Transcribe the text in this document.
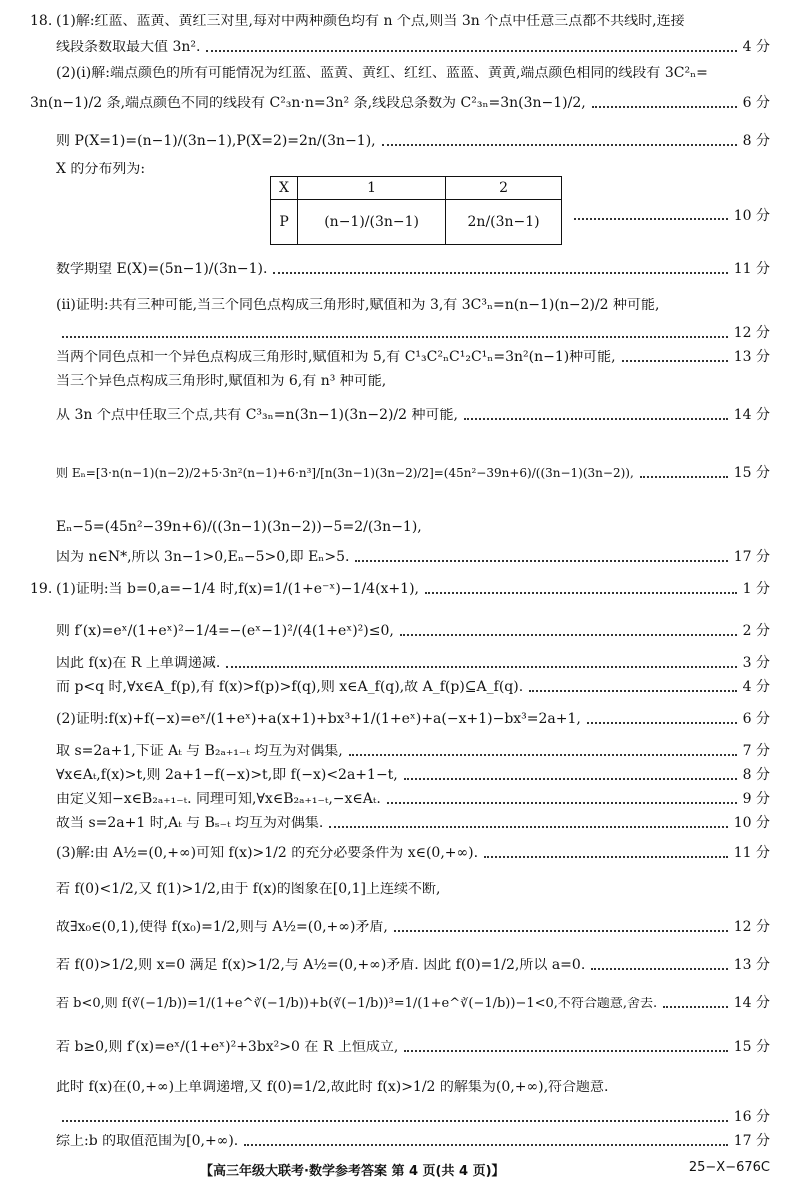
18. (1)解:红蓝、蓝黄、黄红三对里,每对中两种颜色均有 n 个点,则当 3n 个点中任意三点都不共线时,连接
线段条数取最大值 3n².	4 分
(2)(i)解:端点颜色的所有可能情况为红蓝、蓝黄、黄红、红红、蓝蓝、黄黄,端点颜色相同的线段有 3C²ₙ=
3n(n−1)/2 条,端点颜色不同的线段有 C²₃n·n=3n² 条,线段总条数为 C²₃ₙ=3n(3n−1)/2,	6 分
则 P(X=1)=(n−1)/(3n−1),P(X=2)=2n/(3n−1),	8 分
X 的分布列为:
X	1	2
P	(n−1)/(3n−1)	2n/(3n−1)	10 分
数学期望 E(X)=(5n−1)/(3n−1).	11 分
(ii)证明:共有三种可能,当三个同色点构成三角形时,赋值和为 3,有 3C³ₙ=n(n−1)(n−2)/2 种可能,
12 分
当两个同色点和一个异色点构成三角形时,赋值和为 5,有 C¹₃C²ₙC¹₂C¹ₙ=3n²(n−1)种可能,	13 分
当三个异色点构成三角形时,赋值和为 6,有 n³ 种可能,
从 3n 个点中任取三个点,共有 C³₃ₙ=n(3n−1)(3n−2)/2 种可能,	14 分
则 Eₙ=[3·n(n−1)(n−2)/2+5·3n²(n−1)+6·n³]/[n(3n−1)(3n−2)/2]=(45n²−39n+6)/((3n−1)(3n−2)),	15 分
Eₙ−5=(45n²−39n+6)/((3n−1)(3n−2))−5=2/(3n−1),
因为 n∈N*,所以 3n−1>0,Eₙ−5>0,即 Eₙ>5.	17 分
19. (1)证明:当 b=0,a=−1/4 时,f(x)=1/(1+e⁻ˣ)−1/4(x+1),	1 分
则 f′(x)=eˣ/(1+eˣ)²−1/4=−(eˣ−1)²/(4(1+eˣ)²)≤0,	2 分
因此 f(x)在 R 上单调递减.	3 分
而 p<q 时,∀x∈A_f(p),有 f(x)>f(p)>f(q),则 x∈A_f(q),故 A_f(p)⊆A_f(q).	4 分
(2)证明:f(x)+f(−x)=eˣ/(1+eˣ)+a(x+1)+bx³+1/(1+eˣ)+a(−x+1)−bx³=2a+1,	6 分
取 s=2a+1,下证 Aₜ 与 B₂ₐ₊₁₋ₜ 均互为对偶集,	7 分
∀x∈Aₜ,f(x)>t,则 2a+1−f(−x)>t,即 f(−x)<2a+1−t,	8 分
由定义知−x∈B₂ₐ₊₁₋ₜ. 同理可知,∀x∈B₂ₐ₊₁₋ₜ,−x∈Aₜ.	9 分
故当 s=2a+1 时,Aₜ 与 Bₛ₋ₜ 均互为对偶集.	10 分
(3)解:由 A½=(0,+∞)可知 f(x)>1/2 的充分必要条件为 x∈(0,+∞).	11 分
若 f(0)<1/2,又 f(1)>1/2,由于 f(x)的图象在[0,1]上连续不断,
故∃x₀∈(0,1),使得 f(x₀)=1/2,则与 A½=(0,+∞)矛盾,	12 分
若 f(0)>1/2,则 x=0 满足 f(x)>1/2,与 A½=(0,+∞)矛盾. 因此 f(0)=1/2,所以 a=0.	13 分
若 b<0,则 f(∛(−1/b))=1/(1+e^∛(−1/b))+b(∛(−1/b))³=1/(1+e^∛(−1/b))−1<0,不符合题意,舍去.	14 分
若 b≥0,则 f′(x)=eˣ/(1+eˣ)²+3bx²>0 在 R 上恒成立,	15 分
此时 f(x)在(0,+∞)上单调递增,又 f(0)=1/2,故此时 f(x)>1/2 的解集为(0,+∞),符合题意.
16 分
综上:b 的取值范围为[0,+∞).	17 分
【高三年级大联考·数学参考答案 第 4 页(共 4 页)】	25−X−676C
